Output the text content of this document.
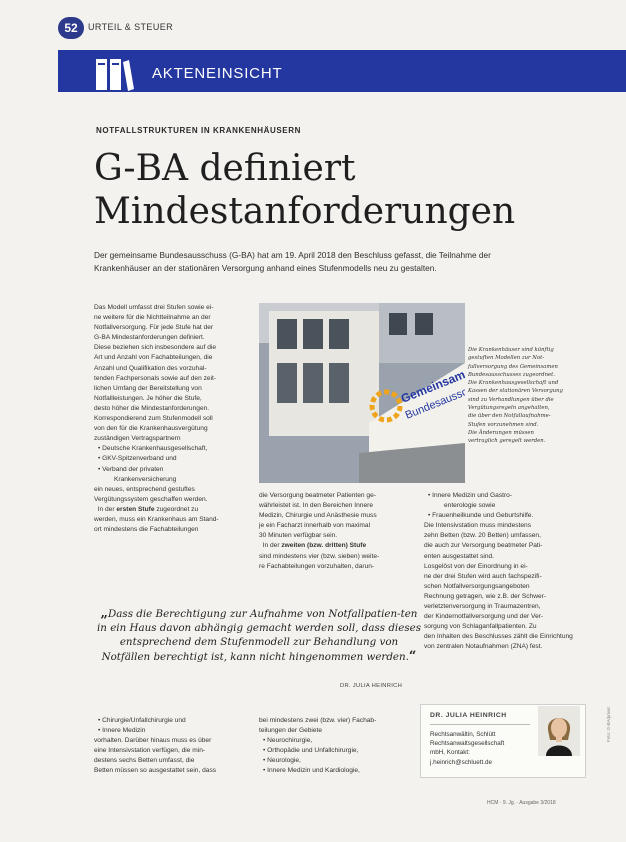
52	URTEIL & STEUER
AKTENEINSICHT
NOTFALLSTRUKTUREN IN KRANKENHÄUSERN
G-BA definiert
Mindestanforderungen
Der gemeinsame Bundesausschuss (G-BA) hat am 19. April 2018 den Beschluss gefasst, die Teilnahme der Krankenhäuser an der stationären Versorgung anhand eines Stufenmodells neu zu gestalten.

Das Modell umfasst drei Stufen sowie ei-

ne weitere für die Nichtteilnahme an der

Notfallversorgung. Für jede Stufe hat der

G-BA Mindestanforderungen definiert.

Diese beziehen sich insbesondere auf die

Art und Anzahl von Fachabteilungen, die

Anzahl und Qualifikation des vorzuhal-

tenden Fachpersonals sowie auf den zeit-

lichen Umfang der Bereitstellung von

Notfallleistungen. Je höher die Stufe,

desto höher die Mindestanforderungen.

Korrespondierend zum Stufenmodell soll

von den für die Krankenhausvergütung

zuständigen Vertragspartnern

• Deutsche Krankenhausgesellschaft,

• GKV-Spitzenverband und

• Verband der privaten

Krankenversicherung

ein neues, entsprechend gestuftes

Vergütungssystem geschaffen werden.

In der ersten Stufe zugeordnet zu

werden, muss ein Krankenhaus am Stand-

ort mindestens die Fachabteilungen

Gemeinsame
Bundesausschu
Die Krankenhäuser sind künftig
gestuften Modellen zur Not-
fallversorgung des Gemeinsamen
Bundesausschusses zugeordnet.
Die Krankenhausgesellschaft und
Kassen der stationären Versorgung
sind zu Verhandlungen über die
Vergütungsregeln angehalten,
die über den Notfallaufnahme-
Stufen vorzunehmen sind.
Die Änderungen müssen
vertraglich geregelt werden.

die Versorgung beatmeter Patienten ge-

währleistet ist. In den Bereichen Innere

Medizin, Chirurgie und Anästhesie muss

je ein Facharzt innerhalb von maximal

30 Minuten verfügbar sein.

In der zweiten (bzw. dritten) Stufe

sind mindestens vier (bzw. sieben) weite-

re Fachabteilungen vorzuhalten, darun-

• Innere Medizin und Gastro-

enterologie sowie

• Frauenheilkunde und Geburtshilfe.

Die Intensivstation muss mindestens

zehn Betten (bzw. 20 Betten) umfassen,

die auch zur Versorgung beatmeter Pati-

enten ausgestattet sind.

Losgelöst von der Einordnung in ei-

ne der drei Stufen wird auch fachspezifi-

schen Notfallversorgungsangeboten

Rechnung getragen, wie z.B. der Schwer-

verletztenversorgung in Traumazentren,

der Kindernotfallversorgung und der Ver-

sorgung von Schlaganfallpatienten. Zu

den Inhalten des Beschlusses zählt die Einrichtung

von zentralen Notaufnahmen (ZNA) fest.

„Dass die Berechtigung zur Aufnahme von Notfallpatien-ten in ein Haus davon abhängig gemacht werden soll, dass dieses entsprechend dem Stufenmodell zur Behandlung von Notfällen berechtigt ist, kann nicht hingenommen werden.“
DR. JULIA HEINRICH

• Chirurgie/Unfallchirurgie und

• Innere Medizin

vorhalten. Darüber hinaus muss es über

eine Intensivstation verfügen, die min-

destens sechs Betten umfasst, die

Betten müssen so ausgestattet sein, dass

bei mindestens zwei (bzw. vier) Fachab-

teilungen der Gebiete

• Neurochirurgie,

• Orthopädie und Unfallchirurgie,

• Neurologie,

• Innere Medizin und Kardiologie,

DR. JULIA HEINRICH
Rechtsanwältin, Schlütt
Rechtsanwaltsgesellschaft
mbH, Kontakt:
j.heinrich@schluett.de
HCM · 9. Jg. · Ausgabe 3/2018
Foto: G-BA/privat
